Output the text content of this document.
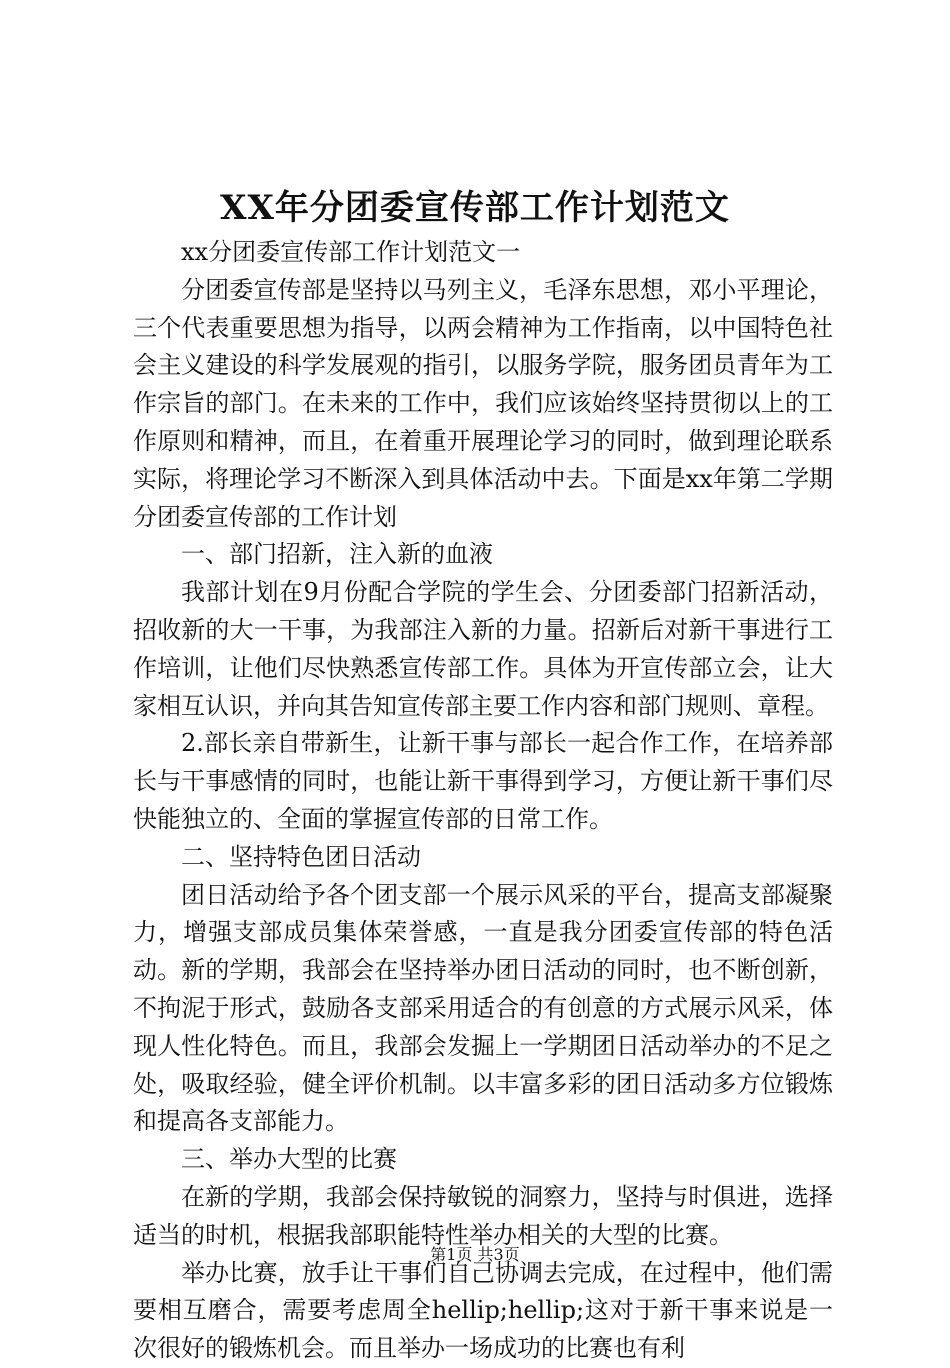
XX年分团委宣传部工作计划范文

xx分团委宣传部工作计划范文一

分团委宣传部是坚持以马列主义，毛泽东思想，邓小平理论，三个代表重要思想为指导，以两会精神为工作指南，以中国特色社会主义建设的科学发展观的指引，以服务学院，服务团员青年为工作宗旨的部门。在未来的工作中，我们应该始终坚持贯彻以上的工作原则和精神，而且，在着重开展理论学习的同时，做到理论联系实际，将理论学习不断深入到具体活动中去。下面是xx年第二学期分团委宣传部的工作计划

一、部门招新，注入新的血液

我部计划在9月份配合学院的学生会、分团委部门招新活动，招收新的大一干事，为我部注入新的力量。招新后对新干事进行工作培训，让他们尽快熟悉宣传部工作。具体为开宣传部立会，让大家相互认识，并向其告知宣传部主要工作内容和部门规则、章程。

2.部长亲自带新生，让新干事与部长一起合作工作，在培养部长与干事感情的同时，也能让新干事得到学习，方便让新干事们尽快能独立的、全面的掌握宣传部的日常工作。

二、坚持特色团日活动

团日活动给予各个团支部一个展示风采的平台，提高支部凝聚力，增强支部成员集体荣誉感，一直是我分团委宣传部的特色活动。新的学期，我部会在坚持举办团日活动的同时，也不断创新，不拘泥于形式，鼓励各支部采用适合的有创意的方式展示风采，体现人性化特色。而且，我部会发掘上一学期团日活动举办的不足之处，吸取经验，健全评价机制。以丰富多彩的团日活动多方位锻炼和提高各支部能力。

三、举办大型的比赛

在新的学期，我部会保持敏锐的洞察力，坚持与时俱进，选择适当的时机，根据我部职能特性举办相关的大型的比赛。

举办比赛，放手让干事们自己协调去完成，在过程中，他们需要相互磨合，需要考虑周全hellip;hellip;这对于新干事来说是一次很好的锻炼机会。而且举办一场成功的比赛也有利

第1页 共3页
